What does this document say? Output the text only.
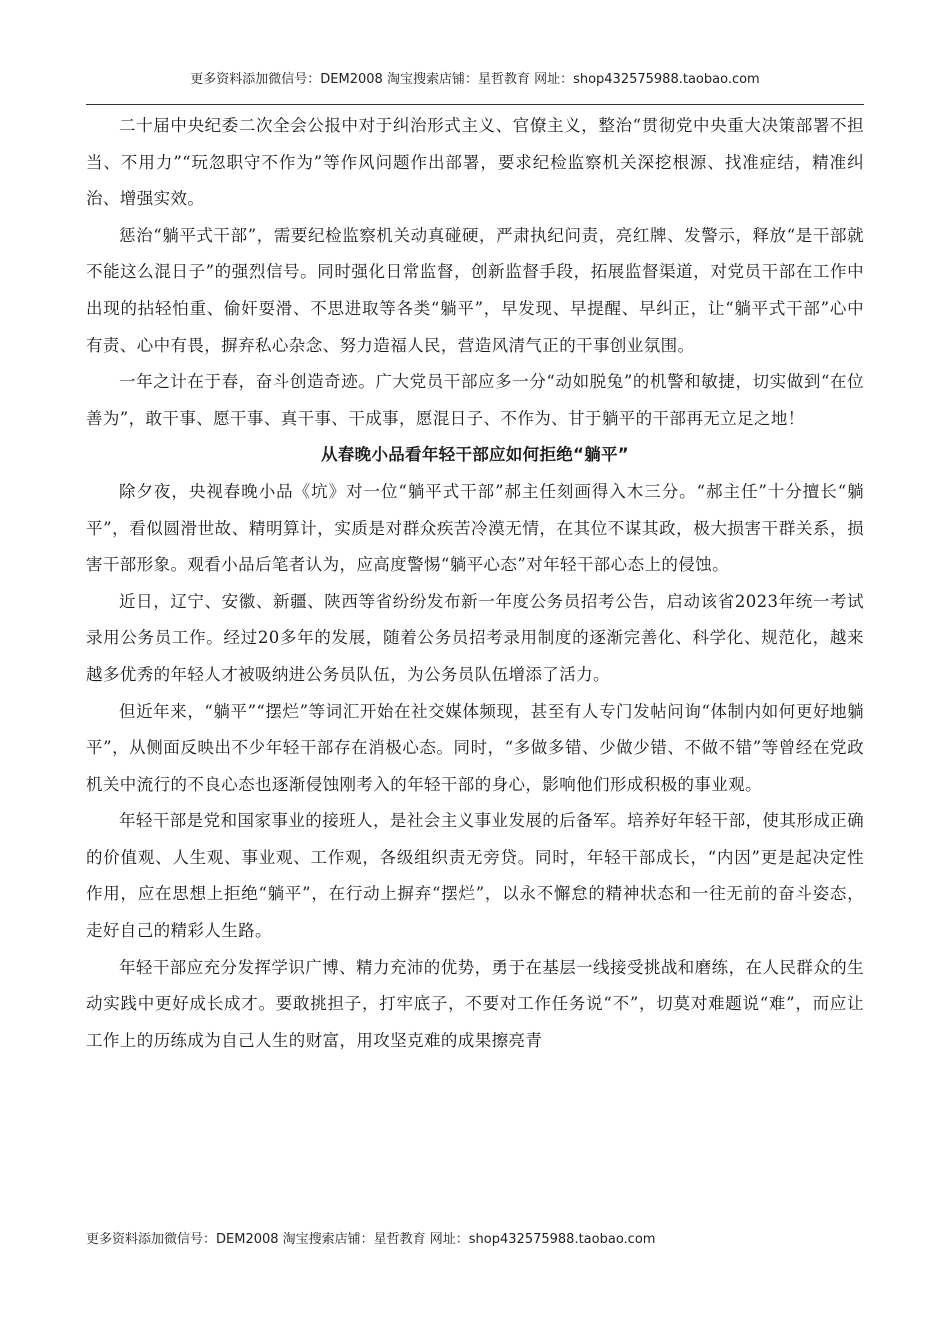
更多资料添加微信号：DEM2008 淘宝搜索店铺：星哲教育 网址：shop432575988.taobao.com

二十届中央纪委二次全会公报中对于纠治形式主义、官僚主义，整治“贯彻党中央重大决策部署不担当、不用力”“玩忽职守不作为”等作风问题作出部署，要求纪检监察机关深挖根源、找准症结，精准纠治、增强实效。

惩治“躺平式干部”，需要纪检监察机关动真碰硬，严肃执纪问责，亮红牌、发警示，释放“是干部就不能这么混日子”的强烈信号。同时强化日常监督，创新监督手段，拓展监督渠道，对党员干部在工作中出现的拈轻怕重、偷奸耍滑、不思进取等各类“躺平”，早发现、早提醒、早纠正，让“躺平式干部”心中有责、心中有畏，摒弃私心杂念、努力造福人民，营造风清气正的干事创业氛围。

一年之计在于春，奋斗创造奇迹。广大党员干部应多一分“动如脱兔”的机警和敏捷，切实做到“在位善为”，敢干事、愿干事、真干事、干成事，愿混日子、不作为、甘于躺平的干部再无立足之地！

从春晚小品看年轻干部应如何拒绝“躺平”

除夕夜，央视春晚小品《坑》对一位“躺平式干部”郝主任刻画得入木三分。“郝主任”十分擅长“躺平”，看似圆滑世故、精明算计，实质是对群众疾苦冷漠无情，在其位不谋其政，极大损害干群关系，损害干部形象。观看小品后笔者认为，应高度警惕“躺平心态”对年轻干部心态上的侵蚀。

近日，辽宁、安徽、新疆、陕西等省纷纷发布新一年度公务员招考公告，启动该省2023年统一考试录用公务员工作。经过20多年的发展，随着公务员招考录用制度的逐渐完善化、科学化、规范化，越来越多优秀的年轻人才被吸纳进公务员队伍，为公务员队伍增添了活力。

但近年来，“躺平”“摆烂”等词汇开始在社交媒体频现，甚至有人专门发帖问询“体制内如何更好地躺平”，从侧面反映出不少年轻干部存在消极心态。同时，“多做多错、少做少错、不做不错”等曾经在党政机关中流行的不良心态也逐渐侵蚀刚考入的年轻干部的身心，影响他们形成积极的事业观。

年轻干部是党和国家事业的接班人，是社会主义事业发展的后备军。培养好年轻干部，使其形成正确的价值观、人生观、事业观、工作观，各级组织责无旁贷。同时，年轻干部成长，“内因”更是起决定性作用，应在思想上拒绝“躺平”，在行动上摒弃“摆烂”，以永不懈怠的精神状态和一往无前的奋斗姿态，走好自己的精彩人生路。

年轻干部应充分发挥学识广博、精力充沛的优势，勇于在基层一线接受挑战和磨练，在人民群众的生动实践中更好成长成才。要敢挑担子，打牢底子，不要对工作任务说“不”，切莫对难题说“难”，而应让工作上的历练成为自己人生的财富，用攻坚克难的成果擦亮青

更多资料添加微信号：DEM2008 淘宝搜索店铺：星哲教育 网址：shop432575988.taobao.com
